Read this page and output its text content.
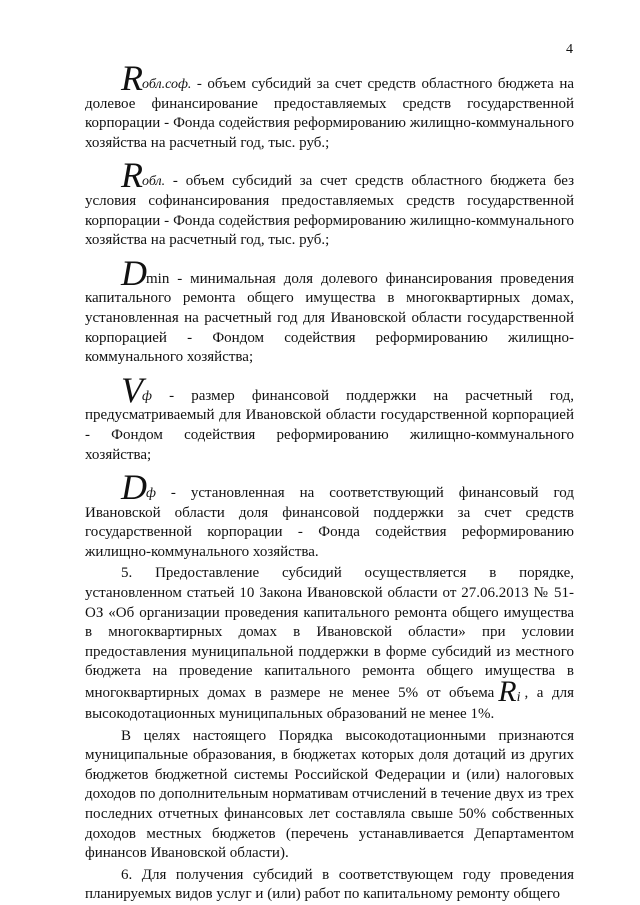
4

Rобл.соф. - объем субсидий за счет средств областного бюджета на долевое финансирование предоставляемых средств государственной корпорации - Фонда содействия реформированию жилищно-коммунального хозяйства на расчетный год, тыс. руб.;

Rобл. - объем субсидий за счет средств областного бюджета без условия софинансирования предоставляемых средств государственной корпорации - Фонда содействия реформированию жилищно-коммунального хозяйства на расчетный год, тыс. руб.;

Dmin - минимальная доля долевого финансирования проведения капитального ремонта общего имущества в многоквартирных домах, установленная на расчетный год для Ивановской области государственной корпорацией - Фондом содействия реформированию жилищно-коммунального хозяйства;

Vф - размер финансовой поддержки на расчетный год, предусматриваемый для Ивановской области государственной корпорацией - Фондом содействия реформированию жилищно-коммунального хозяйства;

Dф - установленная на соответствующий финансовый год Ивановской области доля финансовой поддержки за счет средств государственной корпорации - Фонда содействия реформированию жилищно-коммунального хозяйства.

5. Предоставление субсидий осуществляется в порядке, установленном статьей 10 Закона Ивановской области от 27.06.2013 № 51-ОЗ «Об организации проведения капитального ремонта общего имущества в многоквартирных домах в Ивановской области» при условии предоставления муниципальной поддержки в форме субсидий из местного бюджета на проведение капитального ремонта общего имущества в многоквартирных домах в размере не менее 5% от объема Ri , а для высокодотационных муниципальных образований не менее 1%.

В целях настоящего Порядка высокодотационными признаются муниципальные образования, в бюджетах которых доля дотаций из других бюджетов бюджетной системы Российской Федерации и (или) налоговых доходов по дополнительным нормативам отчислений в течение двух из трех последних отчетных финансовых лет составляла свыше 50% собственных доходов местных бюджетов (перечень устанавливается Департаментом финансов Ивановской области).

6. Для получения субсидий в соответствующем году проведения планируемых видов услуг и (или) работ по капитальному ремонту общего
